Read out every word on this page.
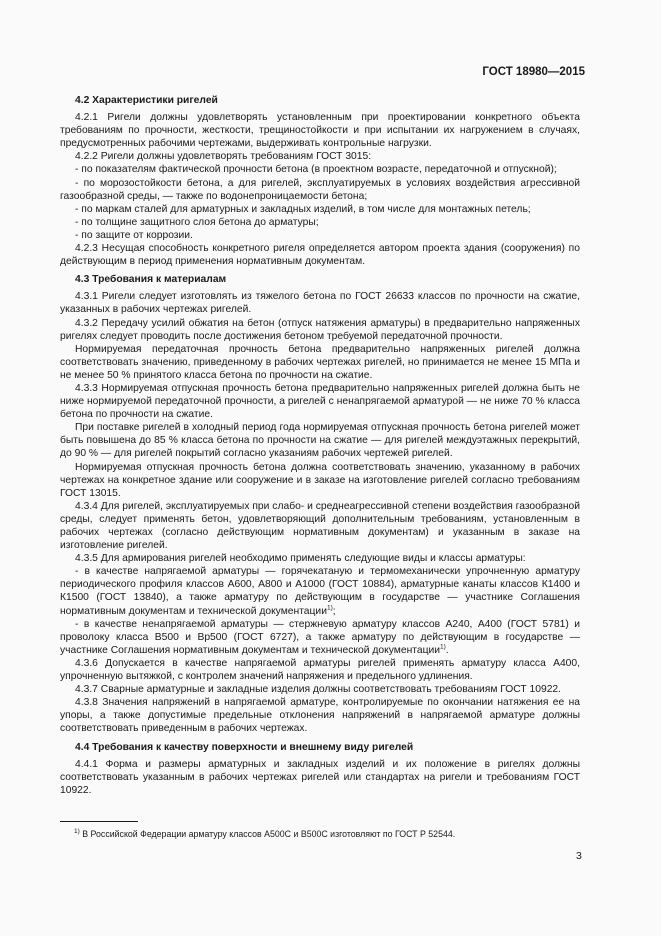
ГОСТ 18980—2015

4.2 Характеристики ригелей

4.2.1 Ригели должны удовлетворять установленным при проектировании конкретного объекта требованиям по прочности, жесткости, трещиностойкости и при испытании их нагружением в случаях, предусмотренных рабочими чертежами, выдерживать контрольные нагрузки.

4.2.2 Ригели должны удовлетворять требованиям ГОСТ 3015:

- по показателям фактической прочности бетона (в проектном возрасте, передаточной и отпускной);

- по морозостойкости бетона, а для ригелей, эксплуатируемых в условиях воздействия агрессивной газообразной среды, — также по водонепроницаемости бетона;

- по маркам сталей для арматурных и закладных изделий, в том числе для монтажных петель;

- по толщине защитного слоя бетона до арматуры;

- по защите от коррозии.

4.2.3 Несущая способность конкретного ригеля определяется автором проекта здания (сооружения) по действующим в период применения нормативным документам.

4.3 Требования к материалам

4.3.1 Ригели следует изготовлять из тяжелого бетона по ГОСТ 26633 классов по прочности на сжатие, указанных в рабочих чертежах ригелей.

4.3.2 Передачу усилий обжатия на бетон (отпуск натяжения арматуры) в предварительно напряженных ригелях следует проводить после достижения бетоном требуемой передаточной прочности.

Нормируемая передаточная прочность бетона предварительно напряженных ригелей должна соответствовать значению, приведенному в рабочих чертежах ригелей, но принимается не менее 15 МПа и не менее 50 % принятого класса бетона по прочности на сжатие.

4.3.3 Нормируемая отпускная прочность бетона предварительно напряженных ригелей должна быть не ниже нормируемой передаточной прочности, а ригелей с ненапрягаемой арматурой — не ниже 70 % класса бетона по прочности на сжатие.

При поставке ригелей в холодный период года нормируемая отпускная прочность бетона ригелей может быть повышена до 85 % класса бетона по прочности на сжатие — для ригелей междуэтажных перекрытий, до 90 % — для ригелей покрытий согласно указаниям рабочих чертежей ригелей.

Нормируемая отпускная прочность бетона должна соответствовать значению, указанному в рабочих чертежах на конкретное здание или сооружение и в заказе на изготовление ригелей согласно требованиям ГОСТ 13015.

4.3.4 Для ригелей, эксплуатируемых при слабо- и среднеагрессивной степени воздействия газообразной среды, следует применять бетон, удовлетворяющий дополнительным требованиям, установленным в рабочих чертежах (согласно действующим нормативным документам) и указанным в заказе на изготовление ригелей.

4.3.5 Для армирования ригелей необходимо применять следующие виды и классы арматуры:

- в качестве напрягаемой арматуры — горячекатаную и термомеханически упрочненную арматуру периодического профиля классов А600, А800 и А1000 (ГОСТ 10884), арматурные канаты классов К1400 и К1500 (ГОСТ 13840), а также арматуру по действующим в государстве — участнике Соглашения нормативным документам и технической документации$^{1)}$;

- в качестве ненапрягаемой арматуры — стержневую арматуру классов А240, А400 (ГОСТ 5781) и проволоку класса В500 и Вр500 (ГОСТ 6727), а также арматуру по действующим в государстве — участнике Соглашения нормативным документам и технической документации$^{1)}$.

4.3.6 Допускается в качестве напрягаемой арматуры ригелей применять арматуру класса А400, упрочненную вытяжкой, с контролем значений напряжения и предельного удлинения.

4.3.7 Сварные арматурные и закладные изделия должны соответствовать требованиям ГОСТ 10922.

4.3.8 Значения напряжений в напрягаемой арматуре, контролируемые по окончании натяжения ее на упоры, а также допустимые предельные отклонения напряжений в напрягаемой арматуре должны соответствовать приведенным в рабочих чертежах.

4.4 Требования к качеству поверхности и внешнему виду ригелей

4.4.1 Форма и размеры арматурных и закладных изделий и их положение в ригелях должны соответствовать указанным в рабочих чертежах ригелей или стандартах на ригели и требованиям ГОСТ 10922.

$^{1)}$ В Российской Федерации арматуру классов А500С и В500С изготовляют по ГОСТ Р 52544.
3
